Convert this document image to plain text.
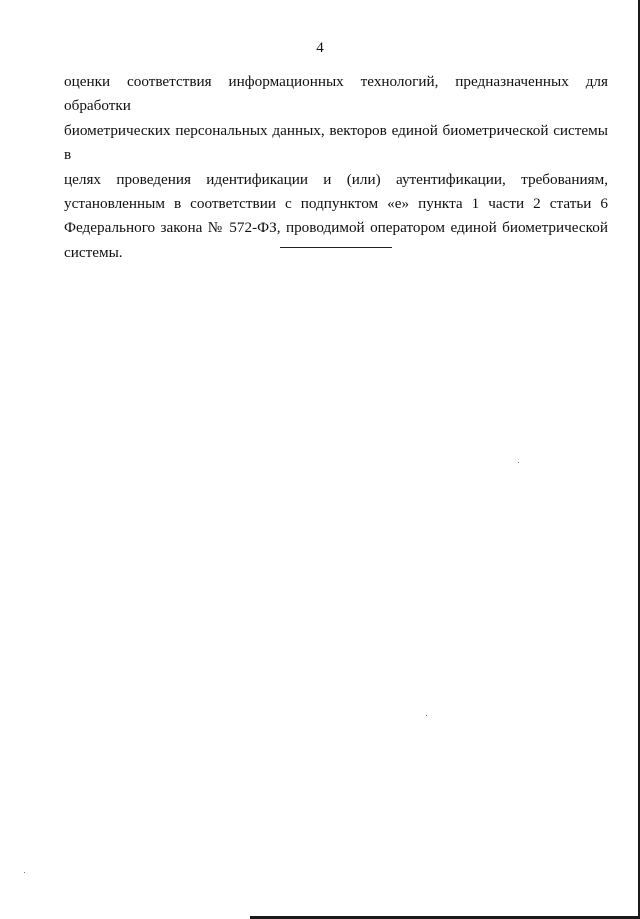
4
оценки соответствия информационных технологий, предназначенных для обработки
биометрических персональных данных, векторов единой биометрической системы в
целях проведения идентификации и (или) аутентификации, требованиям,
установленным в соответствии с подпунктом «е» пункта 1 части 2 статьи 6
Федерального закона № 572-ФЗ, проводимой оператором единой биометрической
системы.
